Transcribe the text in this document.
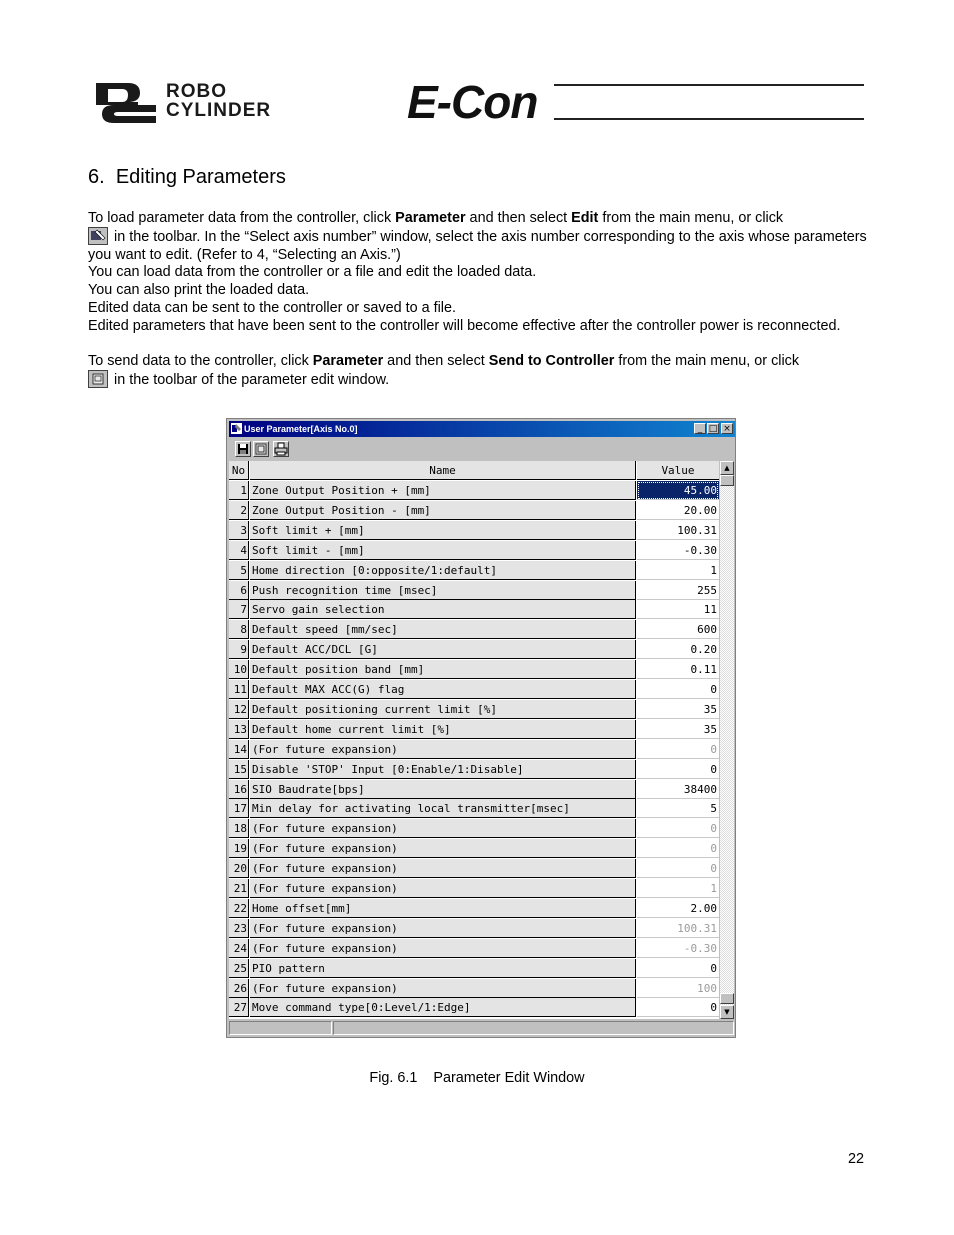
ROBO
CYLINDER	E-Con
6. Editing Parameters
To load parameter data from the controller, click Parameter and then select Edit from the main menu, or click
in the toolbar. In the “Select axis number” window, select the axis number corresponding to the axis whose parameters you want to edit. (Refer to 4, “Selecting an Axis.”)
You can load data from the controller or a file and edit the loaded data.
You can also print the loaded data.
Edited data can be sent to the controller or saved to a file.
Edited parameters that have been sent to the controller will become effective after the controller power is reconnected.
To send data to the controller, click Parameter and then select Send to Controller from the main menu, or click
in the toolbar of the parameter edit window.
User Parameter[Axis No.0]	_ □ ×
No	Name	Value
1 Zone Output Position + [mm]	45.00
2 Zone Output Position - [mm]	20.00
3 Soft limit + [mm]	100.31
4 Soft limit - [mm]	-0.30
5 Home direction [0:opposite/1:default]	1
6 Push recognition time [msec]	255
7 Servo gain selection	11
8 Default speed [mm/sec]	600
9 Default ACC/DCL [G]	0.20
10 Default position band [mm]	0.11
11 Default MAX ACC(G) flag	0
12 Default positioning current limit [%]	35
13 Default home current limit [%]	35
14 (For future expansion)	0
15 Disable 'STOP' Input [0:Enable/1:Disable]	0
16 SIO Baudrate[bps]	38400
17 Min delay for activating local transmitter[msec]	5
18 (For future expansion)	0
19 (For future expansion)	0
20 (For future expansion)	0
21 (For future expansion)	1
22 Home offset[mm]	2.00
23 (For future expansion)	100.31
24 (For future expansion)	-0.30
25 PIO pattern	0
26 (For future expansion)	100
27 Move command type[0:Level/1:Edge]	0
▲
▼
Fig. 6.1    Parameter Edit Window
22
